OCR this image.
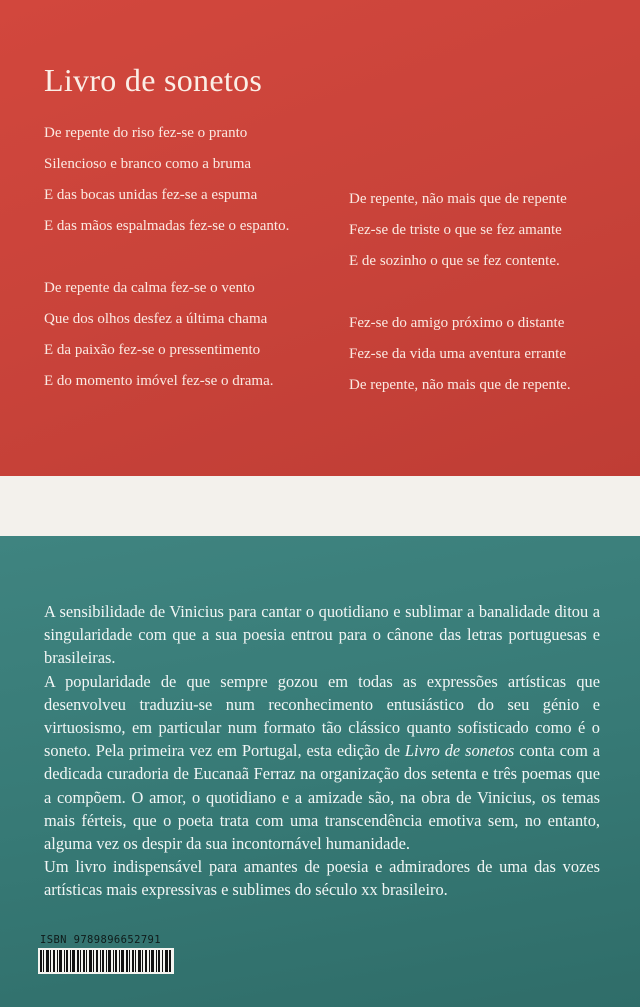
Livro de sonetos
De repente do riso fez-se o pranto
Silencioso e branco como a bruma
E das bocas unidas fez-se a espuma
E das mãos espalmadas fez-se o espanto.
De repente da calma fez-se o vento
Que dos olhos desfez a última chama
E da paixão fez-se o pressentimento
E do momento imóvel fez-se o drama.
De repente, não mais que de repente
Fez-se de triste o que se fez amante
E de sozinho o que se fez contente.
Fez-se do amigo próximo o distante
Fez-se da vida uma aventura errante
De repente, não mais que de repente.

A sensibilidade de Vinicius para cantar o quotidiano e sublimar a banalidade ditou a singularidade com que a sua poesia entrou para o cânone das letras portuguesas e brasileiras.

A popularidade de que sempre gozou em todas as expressões artísticas que desenvolveu traduziu-se num reconhecimento entusiástico do seu génio e virtuosismo, em particular num formato tão clássico quanto sofisticado como é o soneto. Pela primeira vez em Portugal, esta edição de Livro de sonetos conta com a dedicada curadoria de Eucanaã Ferraz na organização dos setenta e três poemas que a compõem. O amor, o quotidiano e a amizade são, na obra de Vinicius, os temas mais férteis, que o poeta trata com uma transcendência emotiva sem, no entanto, alguma vez os despir da sua incontornável humanidade.

Um livro indispensável para amantes de poesia e admiradores de uma das vozes artísticas mais expressivas e sublimes do século xx brasileiro.

ISBN 9789896652791
